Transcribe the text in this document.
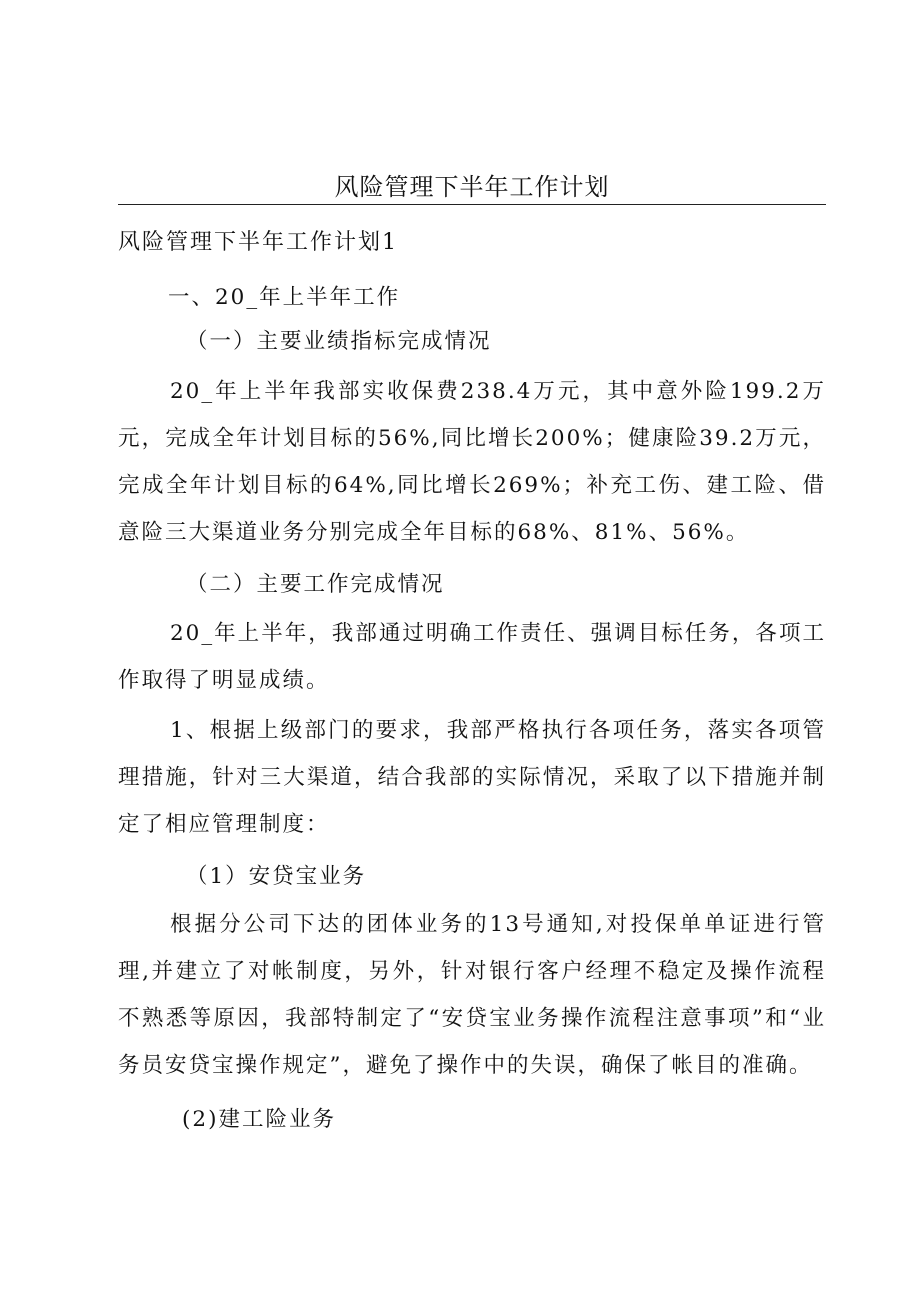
风险管理下半年工作计划

风险管理下半年工作计划1

一、20_年上半年工作

（一）主要业绩指标完成情况

20_年上半年我部实收保费238.4万元，其中意外险199.2万元，完成全年计划目标的56%,同比增长200%；健康险39.2万元，完成全年计划目标的64%,同比增长269%；补充工伤、建工险、借意险三大渠道业务分别完成全年目标的68%、81%、56%。

（二）主要工作完成情况

20_年上半年，我部通过明确工作责任、强调目标任务，各项工作取得了明显成绩。

1、根据上级部门的要求，我部严格执行各项任务，落实各项管理措施，针对三大渠道，结合我部的实际情况，采取了以下措施并制定了相应管理制度：

（1）安贷宝业务

根据分公司下达的团体业务的13号通知,对投保单单证进行管理,并建立了对帐制度，另外，针对银行客户经理不稳定及操作流程不熟悉等原因，我部特制定了“安贷宝业务操作流程注意事项”和“业务员安贷宝操作规定”，避免了操作中的失误，确保了帐目的准确。

(2)建工险业务
